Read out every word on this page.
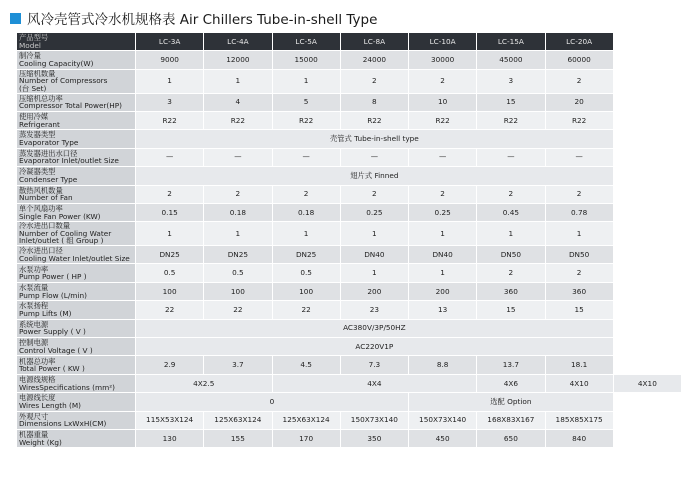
风冷壳管式冷水机规格表 Air Chillers Tube-in-shell Type
产品型号
Model	LC-3A	LC-4A	LC-5A	LC-8A	LC-10A	LC-15A	LC-20A	

制冷量
Cooling Capacity(W)	9000	12000	15000	24000	30000	45000	60000	

压缩机数量
Number of Compressors
(台 Set)	1	1	1	2	2	3	2	

压缩机总功率
Compressor Total Power(HP)	3	4	5	8	10	15	20	

使用冷媒
Refrigerant	R22	R22	R22	R22	R22	R22	R22	

蒸发器类型
Evaporator Type	壳管式 Tube-in-shell type							

蒸发器进出水口径
Evaporator Inlet/outlet Size	—	—	—	—	—	—	—	

冷凝器类型
Condenser Type	翅片式 Finned							

散热风机数量
Number of Fan	2	2	2	2	2	2	2	

单个风扇功率
Single Fan Power (KW)	0.15	0.18	0.18	0.25	0.25	0.45	0.78	

冷水进出口数量
Number of Cooling Water
Inlet/outlet ( 组 Group )	1	1	1	1	1	1	1	

冷水进出口径
Cooling Water Inlet/outlet Size	DN25	DN25	DN25	DN40	DN40	DN50	DN50	

水泵功率
Pump Power ( HP )	0.5	0.5	0.5	1	1	2	2	

水泵流量
Pump Flow (L/min)	100	100	100	200	200	360	360	

水泵扬程
Pump Lifts (M)	22	22	22	23	13	15	15	

系统电源
Power Supply ( V )	AC380V/3P/50HZ							

控制电源
Control Voltage ( V )	AC220V1P							

机器总功率
Total Power ( KW )	2.9	3.7	4.5	7.3	8.8	13.7	18.1	

电源线规格
WiresSpecifications (mm²)	4X2.5		4X4			4X6	4X10	4X10

电源线长度
Wires Length (M)	0				选配 Option			

外观尺寸
Dimensions LxWxH(CM)	115X53X124	125X63X124	125X63X124	150X73X140	150X73X140	168X83X167	185X85X175	

机器重量
Weight (Kg)	130	155	170	350	450	650	840	
